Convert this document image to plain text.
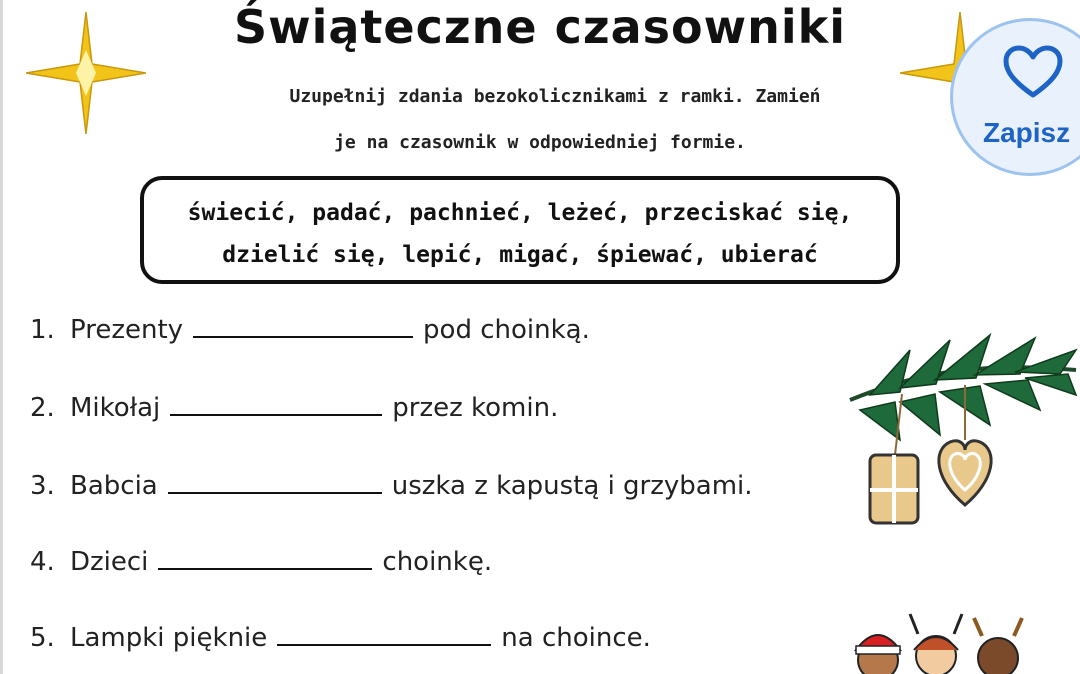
Świąteczne czasowniki
Uzupełnij zdania bezokolicznikami z ramki. Zamień
je na czasownik w odpowiedniej formie.
świecić, padać, pachnieć, leżeć, przeciskać się,
dzielić się, lepić, migać, śpiewać, ubierać
1. Prezenty	pod choinką.
2. Mikołaj	przez komin.
3. Babcia	uszka z kapustą i grzybami.
4. Dzieci	choinkę.
5. Lampki pięknie	na choince.
Zapisz
